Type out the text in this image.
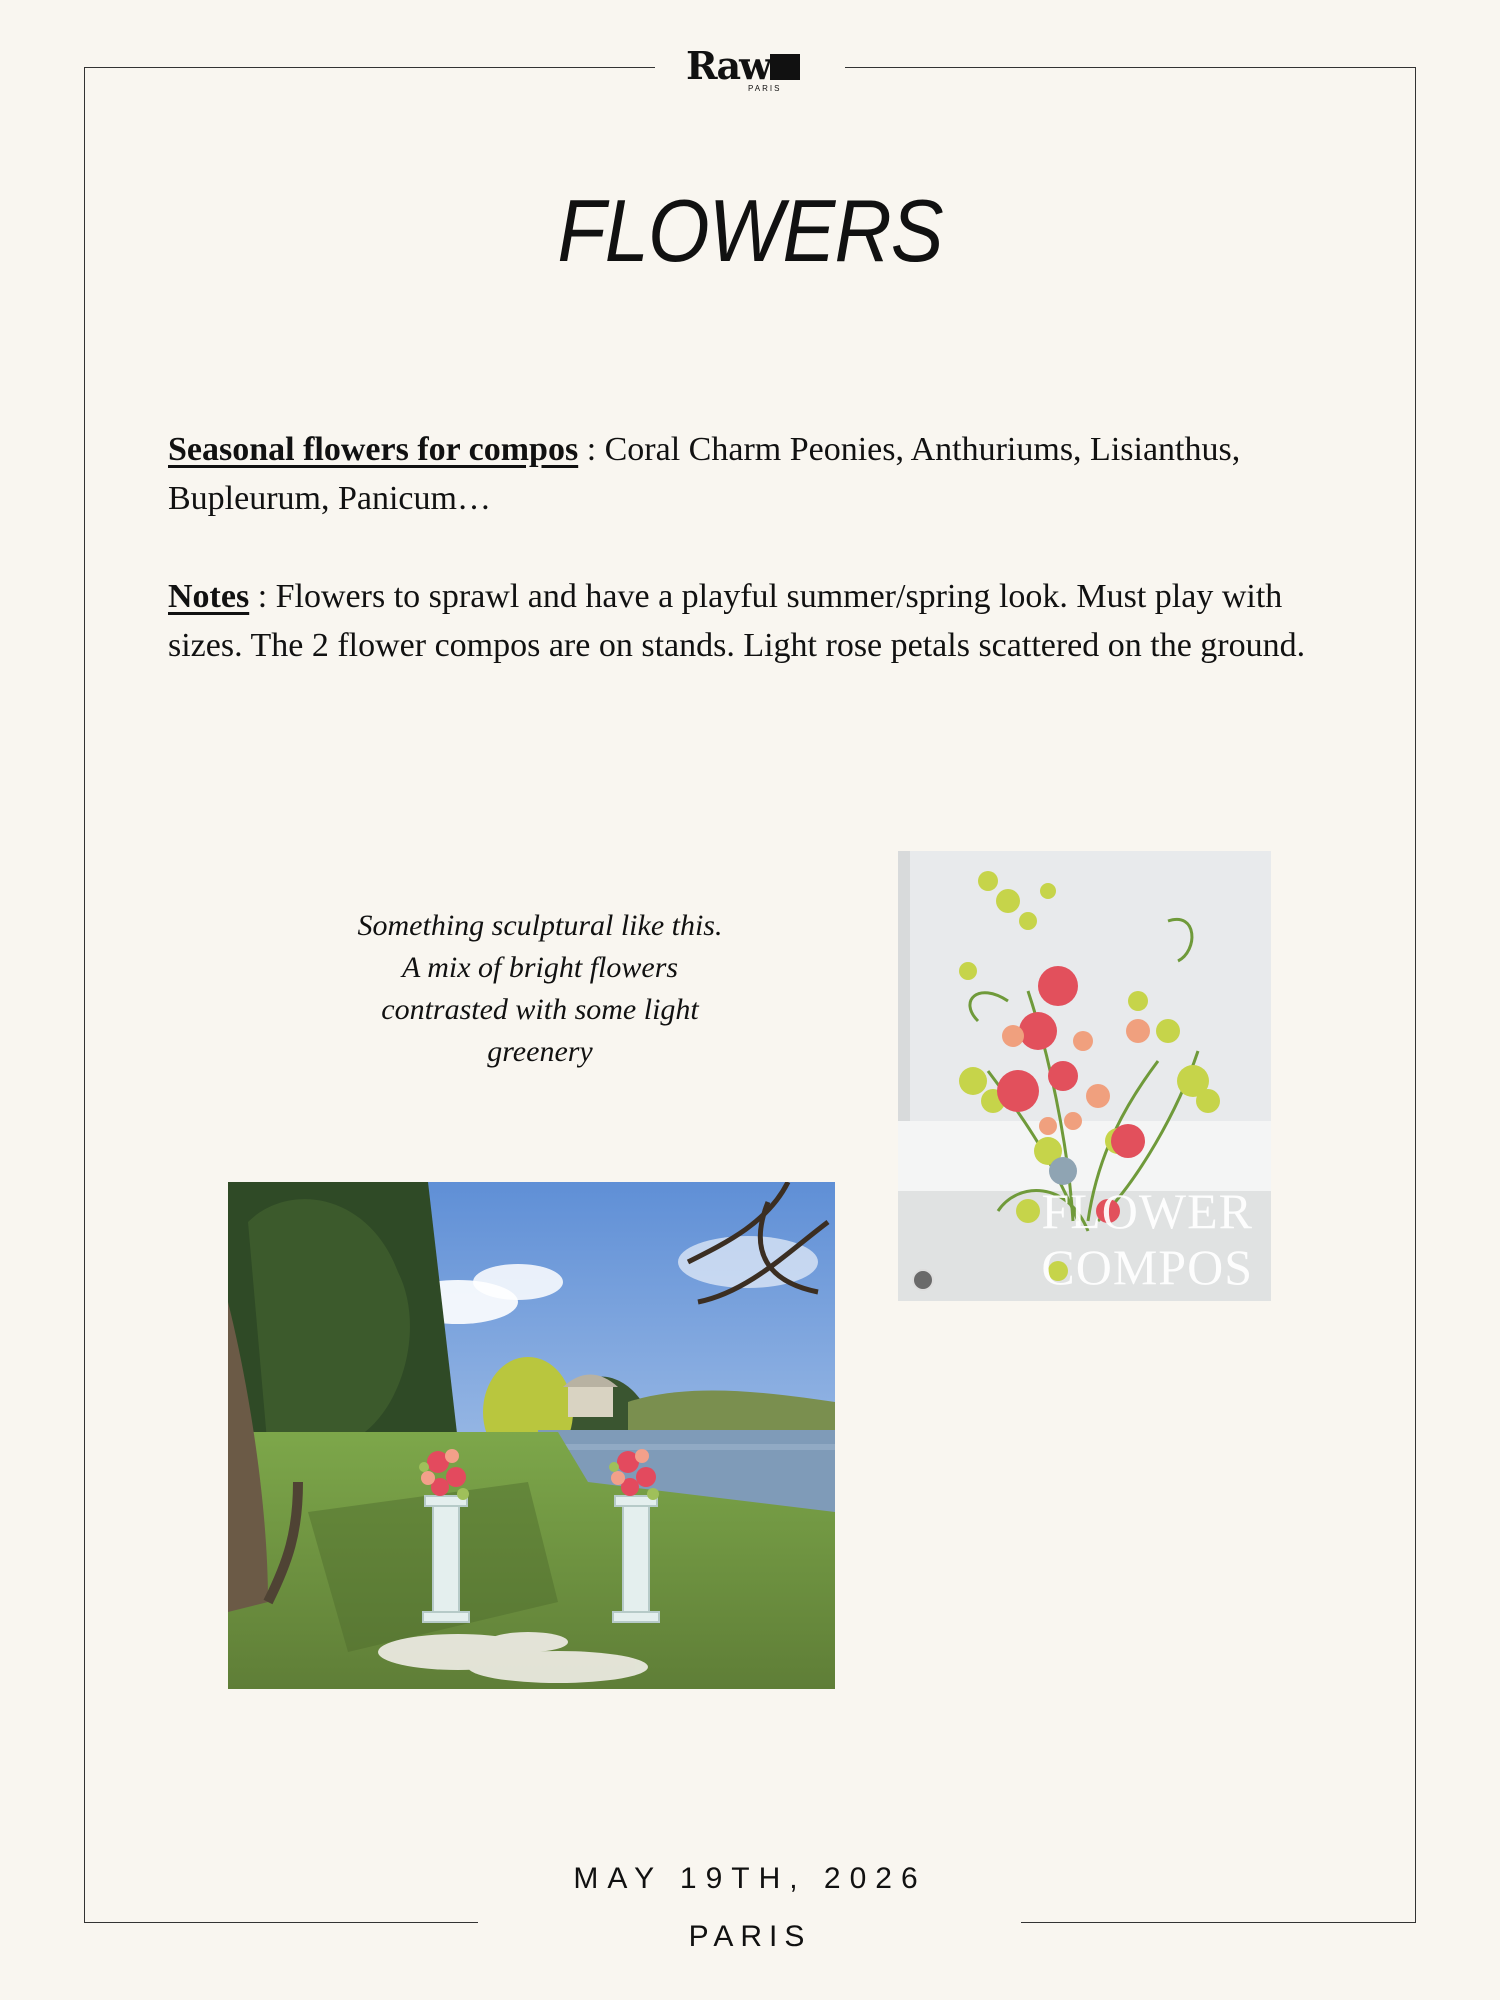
Raw
PARIS
FLOWERS

Seasonal flowers for compos : Coral Charm Peonies, Anthuriums, Lisianthus, Bupleurum, Panicum…

Notes : Flowers to sprawl and have a playful summer/spring look. Must play with sizes. The 2 flower compos are on stands. Light rose petals scattered on the ground.

Something sculptural like this.
A mix of bright flowers
contrasted with some light
greenery
FLOWER
COMPOS
MAY 19TH, 2026
PARIS
